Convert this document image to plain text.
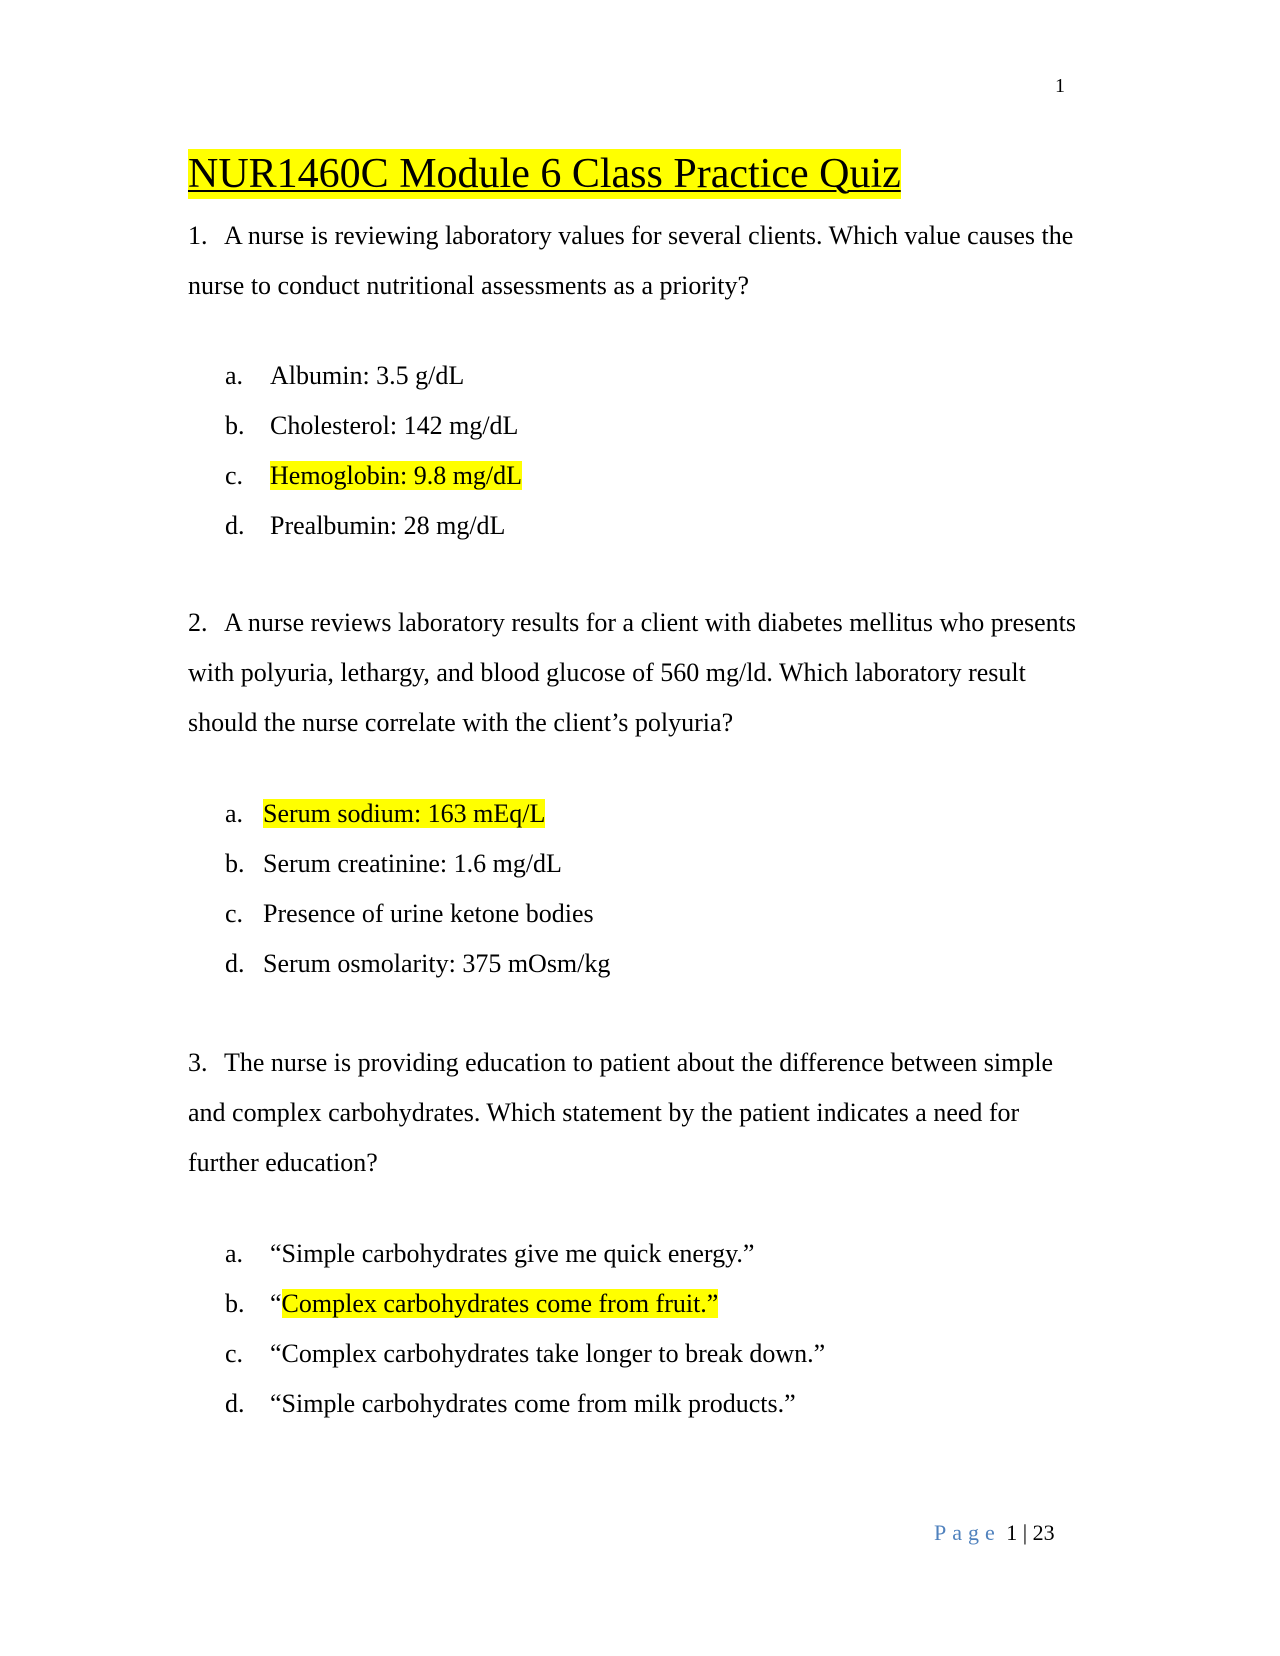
1
NUR1460C Module 6 Class Practice Quiz

1. A nurse is reviewing laboratory values for several clients. Which value causes the nurse to conduct nutritional assessments as a priority?

a. Albumin: 3.5 g/dL
b. Cholesterol: 142 mg/dL
c. Hemoglobin: 9.8 mg/dL
d. Prealbumin: 28 mg/dL

2. A nurse reviews laboratory results for a client with diabetes mellitus who presents with polyuria, lethargy, and blood glucose of 560 mg/ld. Which laboratory result should the nurse correlate with the client’s polyuria?

a. Serum sodium: 163 mEq/L
b. Serum creatinine: 1.6 mg/dL
c. Presence of urine ketone bodies
d. Serum osmolarity: 375 mOsm/kg

3. The nurse is providing education to patient about the difference between simple and complex carbohydrates. Which statement by the patient indicates a need for further education?

a. “Simple carbohydrates give me quick energy.”
b. “Complex carbohydrates come from fruit.”
c. “Complex carbohydrates take longer to break down.”
d. “Simple carbohydrates come from milk products.”
Page 1 | 23
